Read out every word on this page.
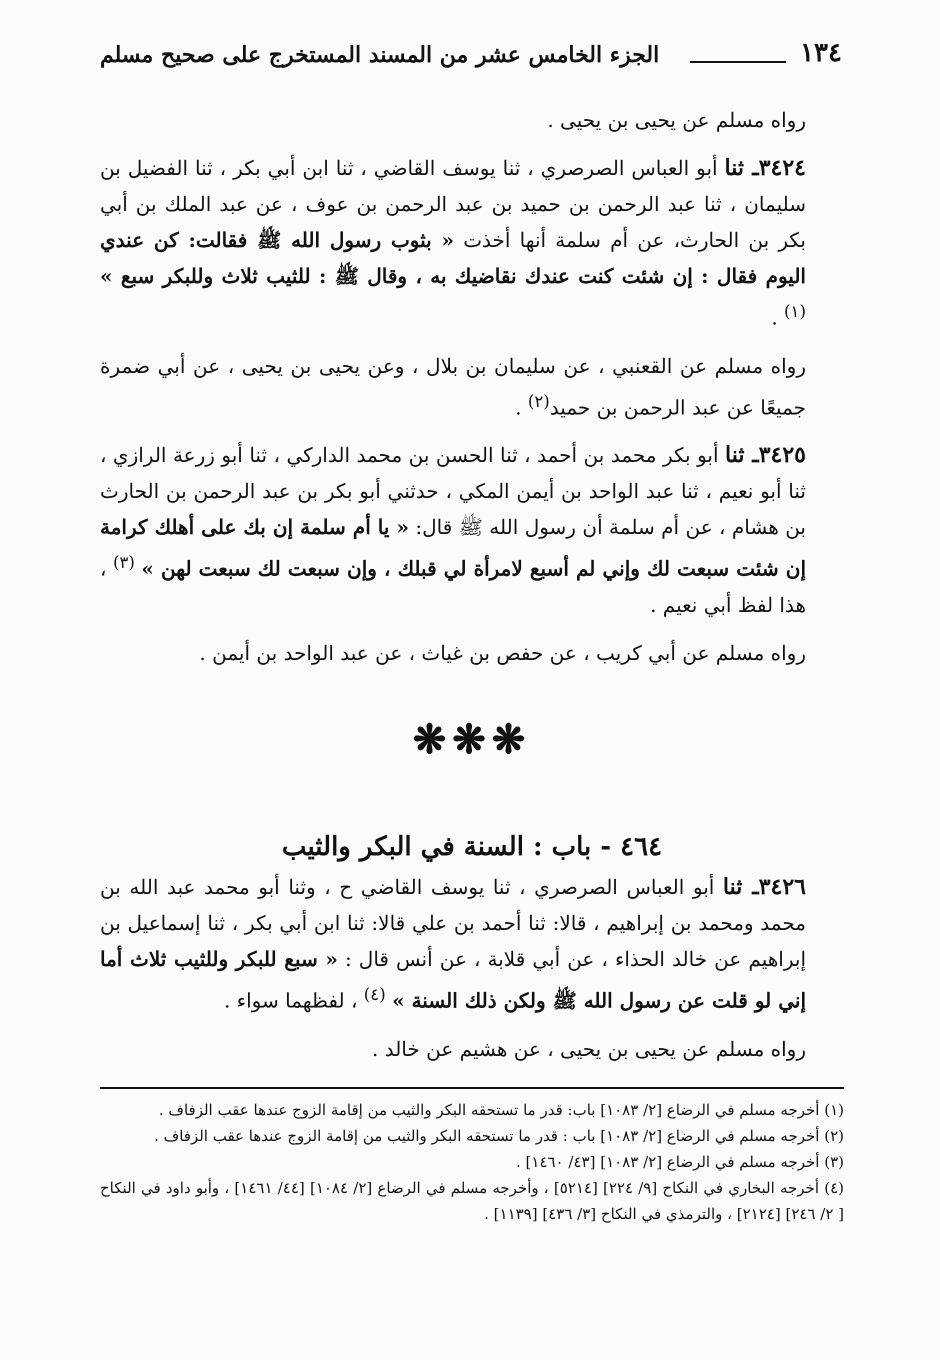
١٣٤
الجزء الخامس عشر من المسند المستخرج على صحيح مسلم

رواه مسلم عن يحيى بن يحيى .

٣٤٢٤ـ ثنا أبو العباس الصرصري ، ثنا يوسف القاضي ، ثنا ابن أبي بكر ، ثنا الفضيل بن سليمان ، ثنا عبد الرحمن بن حميد بن عبد الرحمن بن عوف ، عن عبد الملك بن أبي بكر بن الحارث، عن أم سلمة أنها أخذت « بثوب رسول الله ﷺ فقالت: كن عندي اليوم فقال : إن شئت كنت عندك نقاضيك به ، وقال ﷺ : للثيب ثلاث وللبكر سبع » $^{(١)}$ .

رواه مسلم عن القعنبي ، عن سليمان بن بلال ، وعن يحيى بن يحيى ، عن أبي ضمرة جميعًا عن عبد الرحمن بن حميد$^{(٢)}$ .

٣٤٢٥ـ ثنا أبو بكر محمد بن أحمد ، ثنا الحسن بن محمد الداركي ، ثنا أبو زرعة الرازي ، ثنا أبو نعيم ، ثنا عبد الواحد بن أيمن المكي ، حدثني أبو بكر بن عبد الرحمن بن الحارث بن هشام ، عن أم سلمة أن رسول الله ﷺ قال: « يا أم سلمة إن بك على أهلك كرامة إن شئت سبعت لك وإني لم أسبع لامرأة لي قبلك ، وإن سبعت لك سبعت لهن » $^{(٣)}$ ، هذا لفظ أبي نعيم .

رواه مسلم عن أبي كريب ، عن حفص بن غياث ، عن عبد الواحد بن أيمن .

❋❋❋
٤٦٤ - باب : السنة في البكر والثيب

٣٤٢٦ـ ثنا أبو العباس الصرصري ، ثنا يوسف القاضي ح ، وثنا أبو محمد عبد الله بن محمد ومحمد بن إبراهيم ، قالا: ثنا أحمد بن علي قالا: ثنا ابن أبي بكر ، ثنا إسماعيل بن إبراهيم عن خالد الحذاء ، عن أبي قلابة ، عن أنس قال : « سبع للبكر وللثيب ثلاث أما إني لو قلت عن رسول الله ﷺ ولكن ذلك السنة » $^{(٤)}$ ، لفظهما سواء .

رواه مسلم عن يحيى بن يحيى ، عن هشيم عن خالد .

(١) أخرجه مسلم في الرضاع [٢/ ١٠٨٣] باب: قدر ما تستحقه البكر والثيب من إقامة الزوج عندها عقب الزفاف .

(٢) أخرجه مسلم في الرضاع [٢/ ١٠٨٣] باب : قدر ما تستحقه البكر والثيب من إقامة الزوج عندها عقب الزفاف .

(٣) أخرجه مسلم في الرضاع [٢/ ١٠٨٣] [٤٣/ ١٤٦٠] .

(٤) أخرجه البخاري في النكاح [٩/ ٢٢٤] [٥٢١٤] ، وأخرجه مسلم في الرضاع [٢/ ١٠٨٤] [٤٤/ ١٤٦١] ، وأبو داود في النكاح [ ٢/ ٢٤٦] [٢١٢٤] ، والترمذي في النكاح [٣/ ٤٣٦] [١١٣٩] .
